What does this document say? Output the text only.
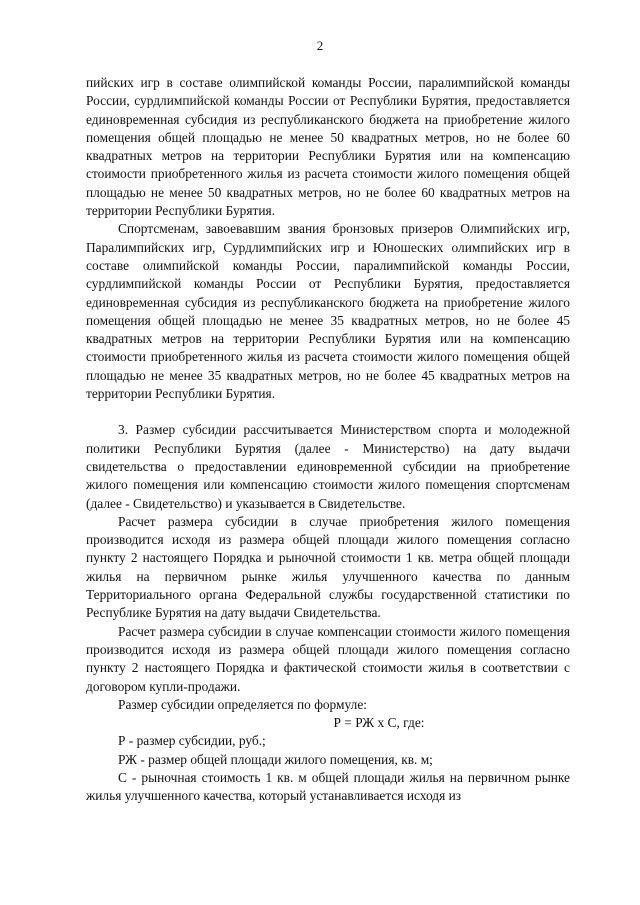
2

пийских игр в составе олимпийской команды России, паралимпийской команды России, сурдлимпийской команды России от Республики Бурятия, предоставляется единовременная субсидия из республиканского бюджета на приобретение жилого помещения общей площадью не менее 50 квадратных метров, но не более 60 квадратных метров на территории Республики Бурятия или на компенсацию стоимости приобретенного жилья из расчета стоимости жилого помещения общей площадью не менее 50 квадратных метров, но не более 60 квадратных метров на территории Республики Бурятия.

Спортсменам, завоевавшим звания бронзовых призеров Олимпийских игр, Паралимпийских игр, Сурдлимпийских игр и Юношеских олимпийских игр в составе олимпийской команды России, паралимпийской команды России, сурдлимпийской команды России от Республики Бурятия, предоставляется единовременная субсидия из республиканского бюджета на приобретение жилого помещения общей площадью не менее 35 квадратных метров, но не более 45 квадратных метров на территории Республики Бурятия или на компенсацию стоимости приобретенного жилья из расчета стоимости жилого помещения общей площадью не менее 35 квадратных метров, но не более 45 квадратных метров на территории Республики Бурятия.

3. Размер субсидии рассчитывается Министерством спорта и молодежной политики Республики Бурятия (далее - Министерство) на дату выдачи свидетельства о предоставлении единовременной субсидии на приобретение жилого помещения или компенсацию стоимости жилого помещения спортсменам (далее - Свидетельство) и указывается в Свидетельстве.

Расчет размера субсидии в случае приобретения жилого помещения производится исходя из размера общей площади жилого помещения согласно пункту 2 настоящего Порядка и рыночной стоимости 1 кв. метра общей площади жилья на первичном рынке жилья улучшенного качества по данным Территориального органа Федеральной службы государственной статистики по Республике Бурятия на дату выдачи Свидетельства.

Расчет размера субсидии в случае компенсации стоимости жилого помещения производится исходя из размера общей площади жилого помещения согласно пункту 2 настоящего Порядка и фактической стоимости жилья в соответствии с договором купли-продажи.

Размер субсидии определяется по формуле:

Р = РЖ х С, где:

Р - размер субсидии, руб.;

РЖ - размер общей площади жилого помещения, кв. м;

С - рыночная стоимость 1 кв. м общей площади жилья на первичном рынке жилья улучшенного качества, который устанавливается исходя из
